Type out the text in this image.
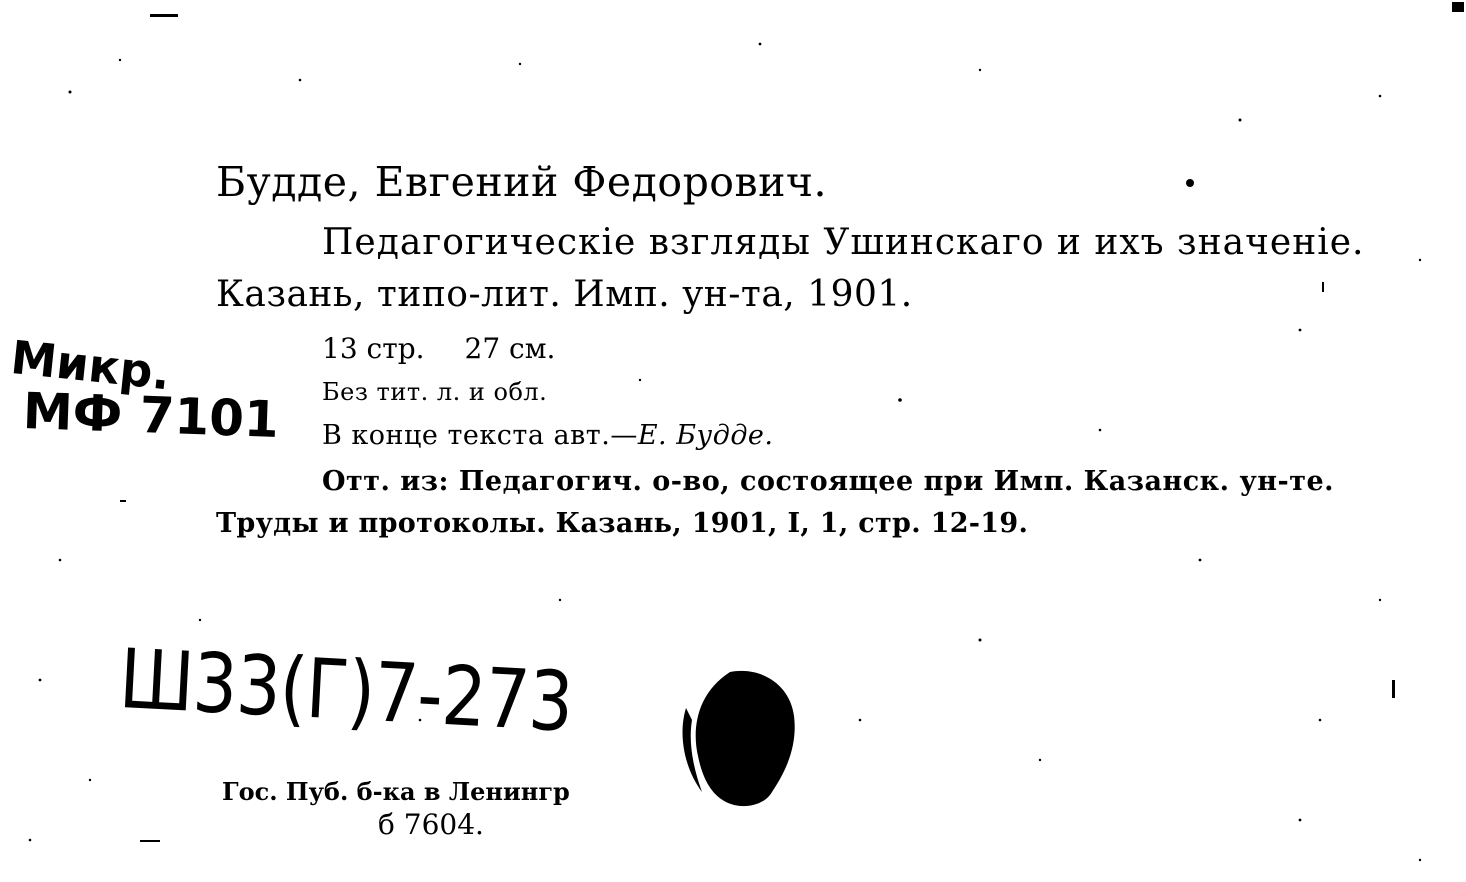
Будде, Евгений Федорович.
Педагогическіе взгляды Ушинскаго и ихъ значеніе.
Казань, типо-лит. Имп. ун-та, 1901.
13 стр. 27 см.
Без тит. л. и обл.
В конце текста авт.—Е. Будде.
Отт. из: Педагогич. о-во, состоящее при Имп. Казанск. ун-те.
Труды и протоколы. Казань, 1901, I, 1, стр. 12-19.
Микр.
МФ 7101
Ш33(Г)7-273
Гос. Пуб. б-ка в Ленингр
б 7604.
